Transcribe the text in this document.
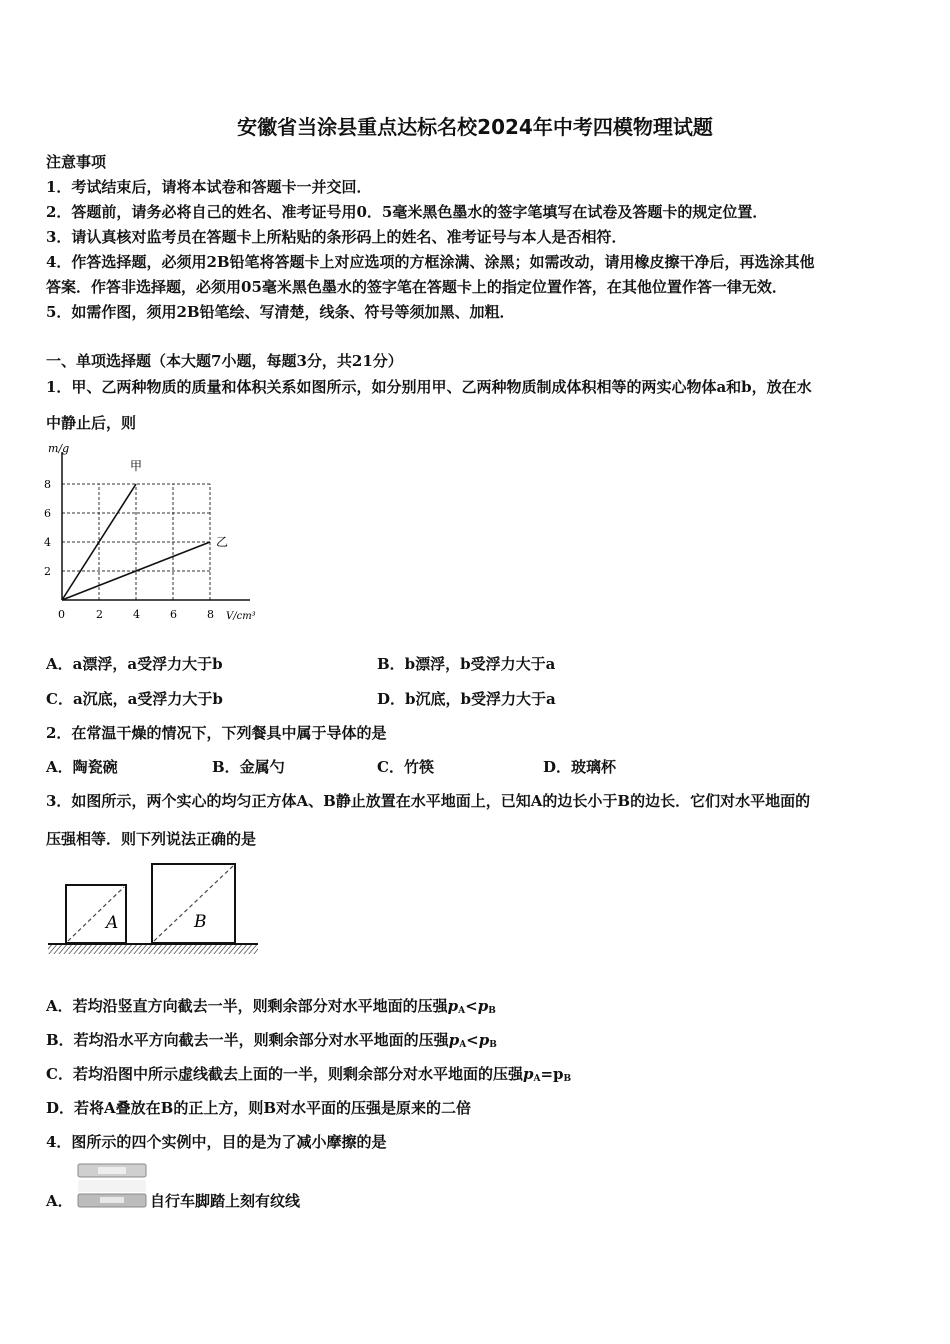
安徽省当涂县重点达标名校2024年中考四模物理试题
注意事项
1．考试结束后，请将本试卷和答题卡一并交回．
2．答题前，请务必将自己的姓名、准考证号用0．5毫米黑色墨水的签字笔填写在试卷及答题卡的规定位置．
3．请认真核对监考员在答题卡上所粘贴的条形码上的姓名、准考证号与本人是否相符．
4．作答选择题，必须用2B铅笔将答题卡上对应选项的方框涂满、涂黑；如需改动，请用橡皮擦干净后，再选涂其他
答案．作答非选择题，必须用05毫米黑色墨水的签字笔在答题卡上的指定位置作答，在其他位置作答一律无效．
5．如需作图，须用2B铅笔绘、写清楚，线条、符号等须加黑、加粗．
一、单项选择题（本大题7小题，每题3分，共21分）
1．甲、乙两种物质的质量和体积关系如图所示，如分别用甲、乙两种物质制成体积相等的两实心物体a和b，放在水
中静止后，则
甲
乙
0	2	4	6	8
2
4
6
8
m/g
V/cm³
A．a漂浮，a受浮力大于b	B．b漂浮，b受浮力大于a
C．a沉底，a受浮力大于b	D．b沉底，b受浮力大于a
2．在常温干燥的情况下，下列餐具中属于导体的是
A．陶瓷碗	B．金属勺	C．竹筷	D．玻璃杯
3．如图所示，两个实心的均匀正方体A、B静止放置在水平地面上，已知A的边长小于B的边长．它们对水平地面的
压强相等．则下列说法正确的是
A	B
A．若均沿竖直方向截去一半，则剩余部分对水平地面的压强$p_A<p_B$
B．若均沿水平方向截去一半，则剩余部分对水平地面的压强$p_A<p_B$
C．若均沿图中所示虚线截去上面的一半，则剩余部分对水平地面的压强$p_A=p_B$
D．若将A叠放在B的正上方，则B对水平面的压强是原来的二倍
4．图所示的四个实例中，目的是为了减小摩擦的是
A．	自行车脚踏上刻有纹线
